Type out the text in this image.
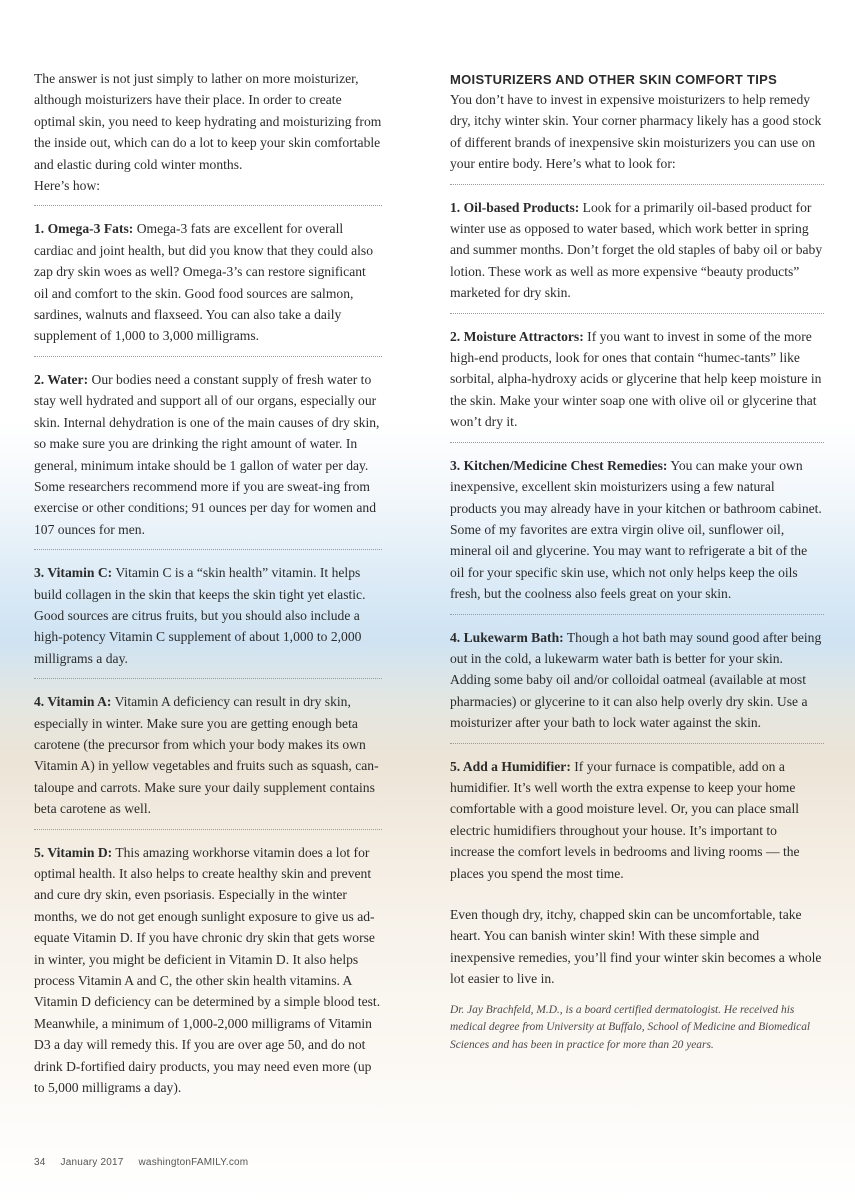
The answer is not just simply to lather on more moisturizer, although moisturizers have their place. In order to create optimal skin, you need to keep hydrating and moisturizing from the inside out, which can do a lot to keep your skin comfortable and elastic during cold winter months.

Here’s how:

1. Omega-3 Fats: Omega-3 fats are excellent for overall cardiac and joint health, but did you know that they could also zap dry skin woes as well? Omega-3’s can restore significant oil and comfort to the skin. Good food sources are salmon, sardines, walnuts and flaxseed. You can also take a daily supplement of 1,000 to 3,000 milligrams.

2. Water: Our bodies need a constant supply of fresh water to stay well hydrated and support all of our organs, especially our skin. Internal dehydration is one of the main causes of dry skin, so make sure you are drinking the right amount of water. In general, minimum intake should be 1 gallon of water per day. Some researchers recommend more if you are sweat-ing from exercise or other conditions; 91 ounces per day for women and 107 ounces for men.

3. Vitamin C: Vitamin C is a “skin health” vitamin. It helps build collagen in the skin that keeps the skin tight yet elastic. Good sources are citrus fruits, but you should also include a high-potency Vitamin C supplement of about 1,000 to 2,000 milligrams a day.

4. Vitamin A: Vitamin A deficiency can result in dry skin, especially in winter. Make sure you are getting enough beta carotene (the precursor from which your body makes its own Vitamin A) in yellow vegetables and fruits such as squash, can-taloupe and carrots. Make sure your daily supplement contains beta carotene as well.

5. Vitamin D: This amazing workhorse vitamin does a lot for optimal health. It also helps to create healthy skin and prevent and cure dry skin, even psoriasis. Especially in the winter months, we do not get enough sunlight exposure to give us ad-equate Vitamin D. If you have chronic dry skin that gets worse in winter, you might be deficient in Vitamin D. It also helps process Vitamin A and C, the other skin health vitamins. A Vitamin D deficiency can be determined by a simple blood test. Meanwhile, a minimum of 1,000-2,000 milligrams of Vitamin D3 a day will remedy this. If you are over age 50, and do not drink D-fortified dairy products, you may need even more (up to 5,000 milligrams a day).

MOISTURIZERS AND OTHER SKIN COMFORT TIPS

You don’t have to invest in expensive moisturizers to help remedy dry, itchy winter skin. Your corner pharmacy likely has a good stock of different brands of inexpensive skin moisturizers you can use on your entire body. Here’s what to look for:

1. Oil-based Products: Look for a primarily oil-based product for winter use as opposed to water based, which work better in spring and summer months. Don’t forget the old staples of baby oil or baby lotion. These work as well as more expensive “beauty products” marketed for dry skin.

2. Moisture Attractors: If you want to invest in some of the more high-end products, look for ones that contain “humec-tants” like sorbital, alpha-hydroxy acids or glycerine that help keep moisture in the skin. Make your winter soap one with olive oil or glycerine that won’t dry it.

3. Kitchen/Medicine Chest Remedies: You can make your own inexpensive, excellent skin moisturizers using a few natural products you may already have in your kitchen or bathroom cabinet. Some of my favorites are extra virgin olive oil, sunflower oil, mineral oil and glycerine. You may want to refrigerate a bit of the oil for your specific skin use, which not only helps keep the oils fresh, but the coolness also feels great on your skin.

4. Lukewarm Bath: Though a hot bath may sound good after being out in the cold, a lukewarm water bath is better for your skin. Adding some baby oil and/or colloidal oatmeal (available at most pharmacies) or glycerine to it can also help overly dry skin. Use a moisturizer after your bath to lock water against the skin.

5. Add a Humidifier: If your furnace is compatible, add on a humidifier. It’s well worth the extra expense to keep your home comfortable with a good moisture level. Or, you can place small electric humidifiers throughout your house. It’s important to increase the comfort levels in bedrooms and living rooms — the places you spend the most time.

Even though dry, itchy, chapped skin can be uncomfortable, take heart. You can banish winter skin! With these simple and inexpensive remedies, you’ll find your winter skin becomes a whole lot easier to live in.

Dr. Jay Brachfeld, M.D., is a board certified dermatologist. He received his medical degree from University at Buffalo, School of Medicine and Biomedical Sciences and has been in practice for more than 20 years.

34 January 2017 washingtonFAMILY.com
